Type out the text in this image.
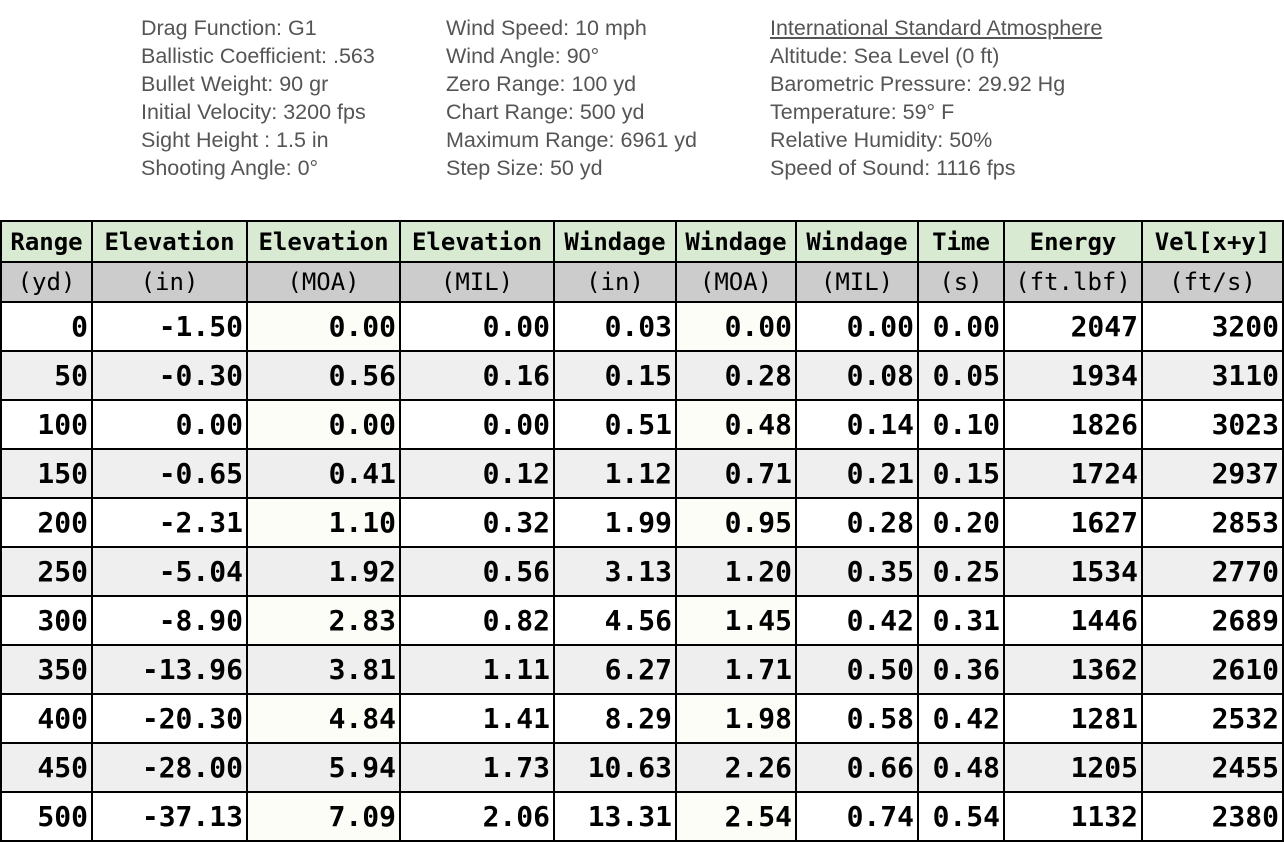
Drag Function: G1
Ballistic Coefficient: .563
Bullet Weight: 90 gr
Initial Velocity: 3200 fps
Sight Height : 1.5 in
Shooting Angle: 0°
Wind Speed: 10 mph
Wind Angle: 90°
Zero Range: 100 yd
Chart Range: 500 yd
Maximum Range: 6961 yd
Step Size: 50 yd
International Standard Atmosphere
Altitude: Sea Level (0 ft)
Barometric Pressure: 29.92 Hg
Temperature: 59° F
Relative Humidity: 50%
Speed of Sound: 1116 fps
Range	Elevation	Elevation	Elevation	Windage	Windage	Windage	Time	Energy	Vel[x+y]
(yd)	(in)	(MOA)	(MIL)	(in)	(MOA)	(MIL)	(s)	(ft.lbf)	(ft/s)
0	-1.50	0.00	0.00	0.03	0.00	0.00	0.00	2047	3200
50	-0.30	0.56	0.16	0.15	0.28	0.08	0.05	1934	3110
100	0.00	0.00	0.00	0.51	0.48	0.14	0.10	1826	3023
150	-0.65	0.41	0.12	1.12	0.71	0.21	0.15	1724	2937
200	-2.31	1.10	0.32	1.99	0.95	0.28	0.20	1627	2853
250	-5.04	1.92	0.56	3.13	1.20	0.35	0.25	1534	2770
300	-8.90	2.83	0.82	4.56	1.45	0.42	0.31	1446	2689
350	-13.96	3.81	1.11	6.27	1.71	0.50	0.36	1362	2610
400	-20.30	4.84	1.41	8.29	1.98	0.58	0.42	1281	2532
450	-28.00	5.94	1.73	10.63	2.26	0.66	0.48	1205	2455
500	-37.13	7.09	2.06	13.31	2.54	0.74	0.54	1132	2380
